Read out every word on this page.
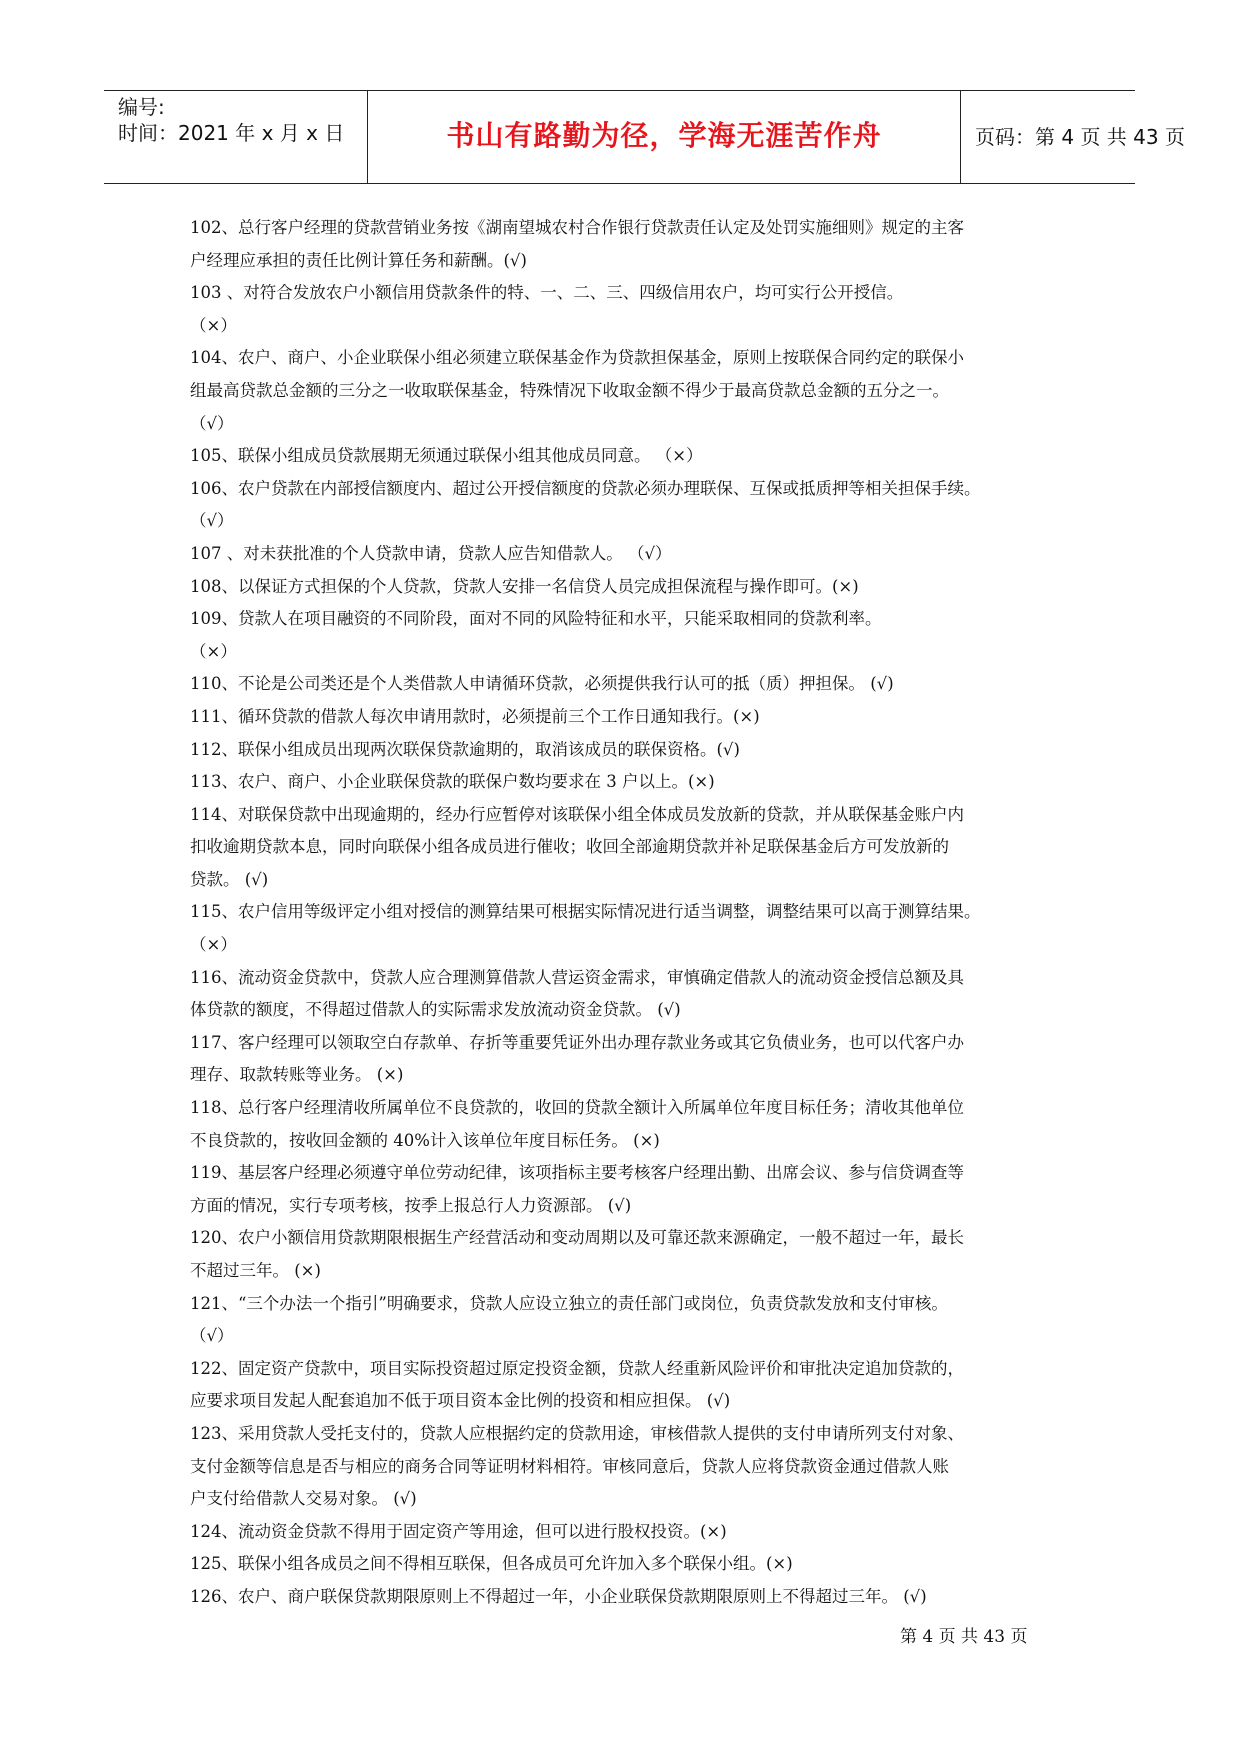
编号:
时间：2021 年 x 月 x 日	书山有路勤为径，学海无涯苦作舟	页码：第 4 页 共 43 页
102、总行客户经理的贷款营销业务按《湖南望城农村合作银行贷款责任认定及处罚实施细则》规定的主客
户经理应承担的责任比例计算任务和薪酬。(√)
103 、对符合发放农户小额信用贷款条件的特、一、二、三、四级信用农户，均可实行公开授信。
（×）
104、农户、商户、小企业联保小组必须建立联保基金作为贷款担保基金，原则上按联保合同约定的联保小
组最高贷款总金额的三分之一收取联保基金，特殊情况下收取金额不得少于最高贷款总金额的五分之一。
（√）
105、联保小组成员贷款展期无须通过联保小组其他成员同意。 （×）
106、农户贷款在内部授信额度内、超过公开授信额度的贷款必须办理联保、互保或抵质押等相关担保手续。
（√）
107 、对未获批准的个人贷款申请，贷款人应告知借款人。 （√）
108、以保证方式担保的个人贷款，贷款人安排一名信贷人员完成担保流程与操作即可。(×)
109、贷款人在项目融资的不同阶段，面对不同的风险特征和水平，只能采取相同的贷款利率。
（×）
110、不论是公司类还是个人类借款人申请循环贷款，必须提供我行认可的抵（质）押担保。 (√)
111、循环贷款的借款人每次申请用款时，必须提前三个工作日通知我行。(×)
112、联保小组成员出现两次联保贷款逾期的，取消该成员的联保资格。(√)
113、农户、商户、小企业联保贷款的联保户数均要求在 3 户以上。(×)
114、对联保贷款中出现逾期的，经办行应暂停对该联保小组全体成员发放新的贷款，并从联保基金账户内
扣收逾期贷款本息，同时向联保小组各成员进行催收；收回全部逾期贷款并补足联保基金后方可发放新的
贷款。 (√)
115、农户信用等级评定小组对授信的测算结果可根据实际情况进行适当调整，调整结果可以高于测算结果。
（×）
116、流动资金贷款中，贷款人应合理测算借款人营运资金需求，审慎确定借款人的流动资金授信总额及具
体贷款的额度，不得超过借款人的实际需求发放流动资金贷款。 (√)
117、客户经理可以领取空白存款单、存折等重要凭证外出办理存款业务或其它负债业务，也可以代客户办
理存、取款转账等业务。 (×)
118、总行客户经理清收所属单位不良贷款的，收回的贷款全额计入所属单位年度目标任务；清收其他单位
不良贷款的，按收回金额的 40%计入该单位年度目标任务。 (×)
119、基层客户经理必须遵守单位劳动纪律，该项指标主要考核客户经理出勤、出席会议、参与信贷调查等
方面的情况，实行专项考核，按季上报总行人力资源部。 (√)
120、农户小额信用贷款期限根据生产经营活动和变动周期以及可靠还款来源确定，一般不超过一年，最长
不超过三年。 (×)
121、“三个办法一个指引”明确要求，贷款人应设立独立的责任部门或岗位，负责贷款发放和支付审核。
（√）
122、固定资产贷款中，项目实际投资超过原定投资金额，贷款人经重新风险评价和审批决定追加贷款的，
应要求项目发起人配套追加不低于项目资本金比例的投资和相应担保。 (√)
123、采用贷款人受托支付的，贷款人应根据约定的贷款用途，审核借款人提供的支付申请所列支付对象、
支付金额等信息是否与相应的商务合同等证明材料相符。审核同意后，贷款人应将贷款资金通过借款人账
户支付给借款人交易对象。 (√)
124、流动资金贷款不得用于固定资产等用途，但可以进行股权投资。(×)
125、联保小组各成员之间不得相互联保，但各成员可允许加入多个联保小组。(×)
126、农户、商户联保贷款期限原则上不得超过一年，小企业联保贷款期限原则上不得超过三年。 (√)
第 4 页 共 43 页
